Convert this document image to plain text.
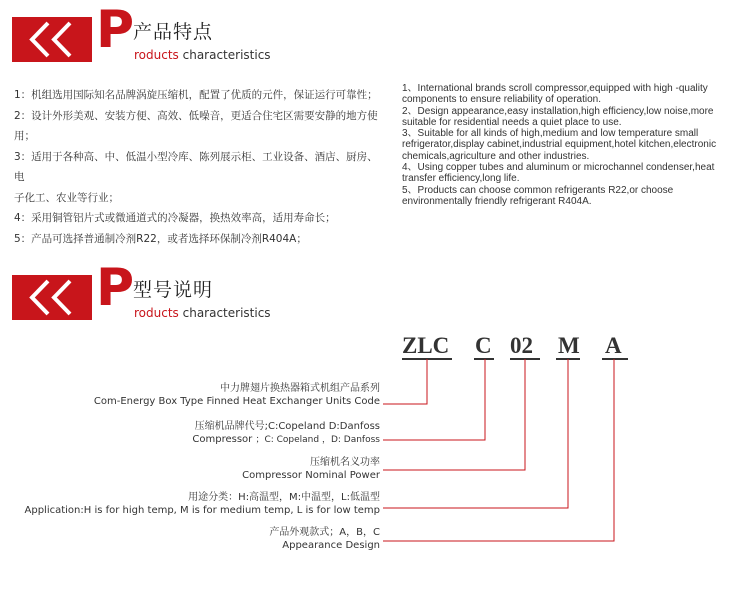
P
产品特点
roducts characteristics
1：机组选用国际知名品牌涡旋压缩机，配置了优质的元件，保证运行可靠性；
2：设计外形美观、安装方便、高效、低噪音，更适合住宅区需要安静的地方使用；
3：适用于各种高、中、低温小型冷库、陈列展示柜、工业设备、酒店、厨房、电
子化工、农业等行业；
4：采用铜管铝片式或微通道式的冷凝器，换热效率高，适用寿命长；
5：产品可选择普通制冷剂R22，或者选择环保制冷剂R404A；
1、International brands scroll compressor,equipped with high -quality components to ensure reliability of operation.
2、Design appearance,easy installation,high efficiency,low noise,more suitable for residential needs a quiet place to use.
3、Suitable for all kinds of high,medium and low temperature small refrigerator,display cabinet,industrial equipment,hotel kitchen,electronic chemicals,agriculture and other industries.
4、Using copper tubes and aluminum or microchannel condenser,heat transfer efficiency,long life.
5、Products can choose common refrigerants R22,or choose environmentally friendly refrigerant R404A.
P
型号说明
roducts characteristics
ZLC C 02 M A
中力牌翅片换热器箱式机组产品系列
Com-Energy Box Type Finned Heat Exchanger Units Code
压缩机品牌代号;C:Copeland D:Danfoss
Compressor ；C: Copeland ，D: Danfoss
压缩机名义功率
Compressor Nominal Power
用途分类：H:高温型，M:中温型，L:低温型
Application:H is for high temp, M is for medium temp, L is for low temp
产品外观款式；A，B，C
Appearance Design
